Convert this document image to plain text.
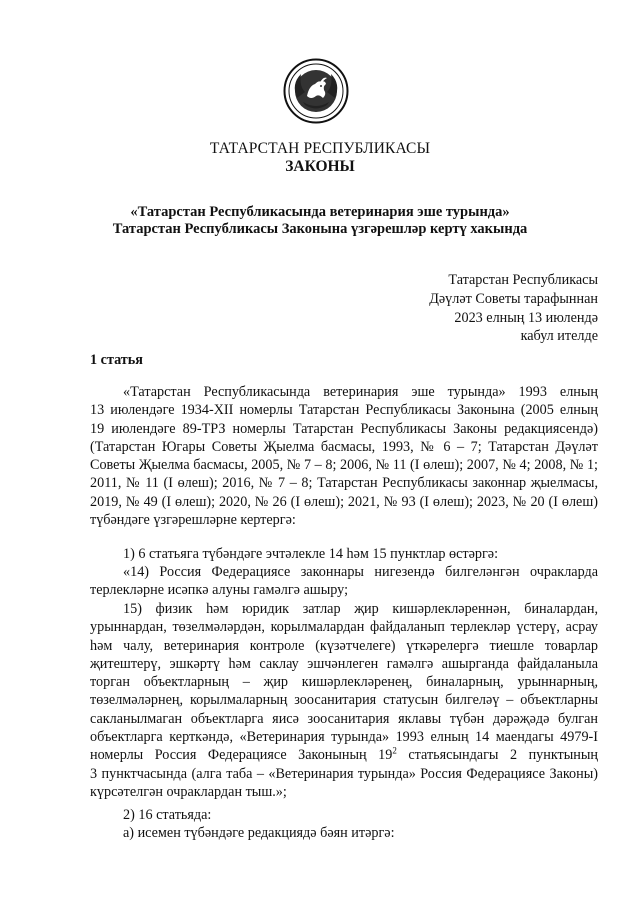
ТАТАРСТАН РЕСПУБЛИКАСЫ
ЗАКОНЫ
«Татарстан Республикасында ветеринария эше турында»
Татарстан Республикасы Законына үзгәрешләр кертү хакында
Татарстан Республикасы
Дәүләт Советы тарафыннан
2023 елның 13 июлендә
кабул ителде
1 статья
«Татарстан Республикасында ветеринария эше турында» 1993 елның
13 июлендәге 1934-XII номерлы Татарстан Республикасы Законына (2005 елның
19 июлендәге 89-ТРЗ номерлы Татарстан Республикасы Законы редакциясендә)
(Татарстан Югары Советы Җыелма басмасы, 1993, № 6 – 7; Татарстан Дәүләт
Советы Җыелма басмасы, 2005, № 7 – 8; 2006, № 11 (I өлеш); 2007, № 4; 2008, № 1;
2011, № 11 (I өлеш); 2016, № 7 – 8; Татарстан Республикасы законнар җыелмасы,
2019, № 49 (I өлеш); 2020, № 26 (I өлеш); 2021, № 93 (I өлеш); 2023, № 20 (I өлеш)
түбәндәге үзгәрешләрне кертергә:
1) 6 статьяга түбәндәге эчтәлекле 14 һәм 15 пунктлар өстәргә:
«14) Россия Федерациясе законнары нигезендә билгеләнгән очракларда
терлекләрне исәпкә алуны гамәлгә ашыру;
15) физик һәм юридик затлар җир кишәрлекләреннән, биналардан,
урыннардан, төзелмәләрдән, корылмалардан файдаланып терлекләр үстерү, асрау
һәм чалу, ветеринария контроле (күзәтчелеге) үткәрелергә тиешле товарлар
җитештерү, эшкәртү һәм саклау эшчәнлеген гамәлгә ашырганда файдаланыла
торган объектларның – җир кишәрлекләренең, биналарның, урыннарның,
төзелмәләрнең, корылмаларның зоосанитария статусын билгеләү – объектларны
сакланылмаган объектларга яисә зоосанитария яклавы түбән дәрәҗәдә булган
объектларга керткәндә, «Ветеринария турында» 1993 елның 14 маендагы 4979-I
номерлы Россия Федерациясе Законының $19^2$ статьясындагы 2 пунктының
3 пунктчасында (алга таба – «Ветеринария турында» Россия Федерациясе Законы)
күрсәтелгән очраклардан тыш.»;
2) 16 статьяда:
а) исемен түбәндәге редакциядә бәян итәргә:
